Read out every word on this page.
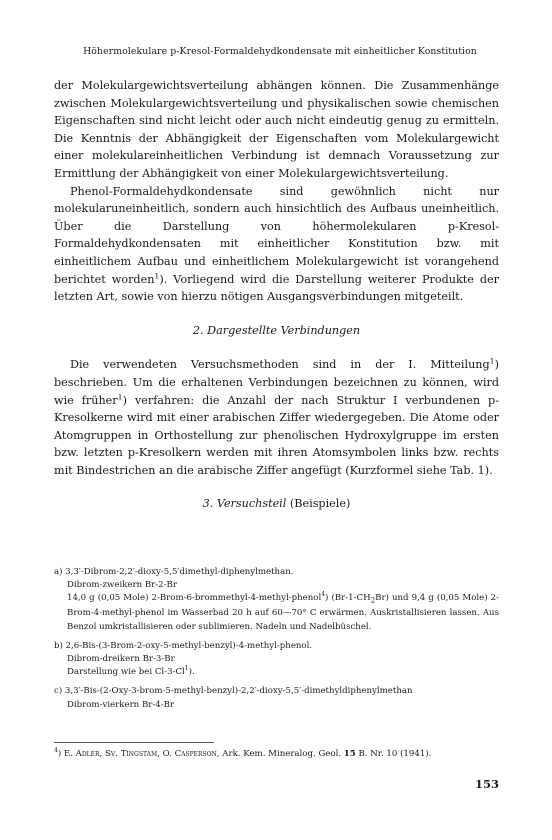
Höhermolekulare p-Kresol-Formaldehydkondensate mit einheitlicher Konstitution

der Molekulargewichtsverteilung abhängen können. Die Zusammenhänge zwischen Molekulargewichtsverteilung und physikalischen sowie chemischen Eigenschaften sind nicht leicht oder auch nicht eindeutig genug zu ermitteln. Die Kenntnis der Abhängigkeit der Eigenschaften vom Molekulargewicht einer molekulareinheitlichen Verbindung ist demnach Voraussetzung zur Ermittlung der Abhängigkeit von einer Molekulargewichtsverteilung.

Phenol-Formaldehydkondensate sind gewöhnlich nicht nur molekularuneinheitlich, sondern auch hinsichtlich des Aufbaus uneinheitlich. Über die Darstellung von höhermolekularen p-Kresol-Formaldehydkondensaten mit einheitlicher Konstitution bzw. mit einheitlichem Aufbau und einheitlichem Molekulargewicht ist vorangehend berichtet worden$^1$). Vorliegend wird die Darstellung weiterer Produkte der letzten Art, sowie von hierzu nötigen Ausgangsverbindungen mitgeteilt.

2. Dargestellte Verbindungen

Die verwendeten Versuchsmethoden sind in der I. Mitteilung$^1$) beschrieben. Um die erhaltenen Verbindungen bezeichnen zu können, wird wie früher$^1$) verfahren: die Anzahl der nach Struktur I verbundenen p-Kresolkerne wird mit einer arabischen Ziffer wiedergegeben. Die Atome oder Atomgruppen in Orthostellung zur phenolischen Hydroxylgruppe im ersten bzw. letzten p-Kresolkern werden mit ihren Atomsymbolen links bzw. rechts mit Bindestrichen an die arabische Ziffer angefügt (Kurzformel siehe Tab. 1).

3. Versuchsteil (Beispiele)
a) 3,3′-Dibrom-2,2′-dioxy-5,5′dimethyl-diphenylmethan.
Dibrom-zweikern Br-2-Br
14,0 g (0,05 Mole) 2-Brom-6-brommethyl-4-methyl-phenol$^4$) $(Br-1-CH_2Br)$ und 9,4 g (0,05 Mole) 2-Brom-4-methyl-phenol im Wasserbad 20 h auf 60—70° C erwärmen. Auskristallisieren lassen. Aus Benzol umkristallisieren oder sublimieren. Nadeln und Nadelbüschel.
b) 2,6-Bis-(3-Brom-2-oxy-5-methyl-benzyl)-4-methyl-phenol.
Dibrom-dreikern Br-3-Br
Darstellung wie bei Cl-3-Cl$^1$).
c) 3,3′-Bis-(2-Oxy-3-brom-5-methyl-benzyl)-2,2′-dioxy-5,5′-dimethyldiphenylmethan
Dibrom-vierkern Br-4-Br
$^4$) E. Adler, Sv. Tingstam, O. Casperson, Ark. Kem. Mineralog. Geol. 15 B. Nr. 10 (1941).
153
